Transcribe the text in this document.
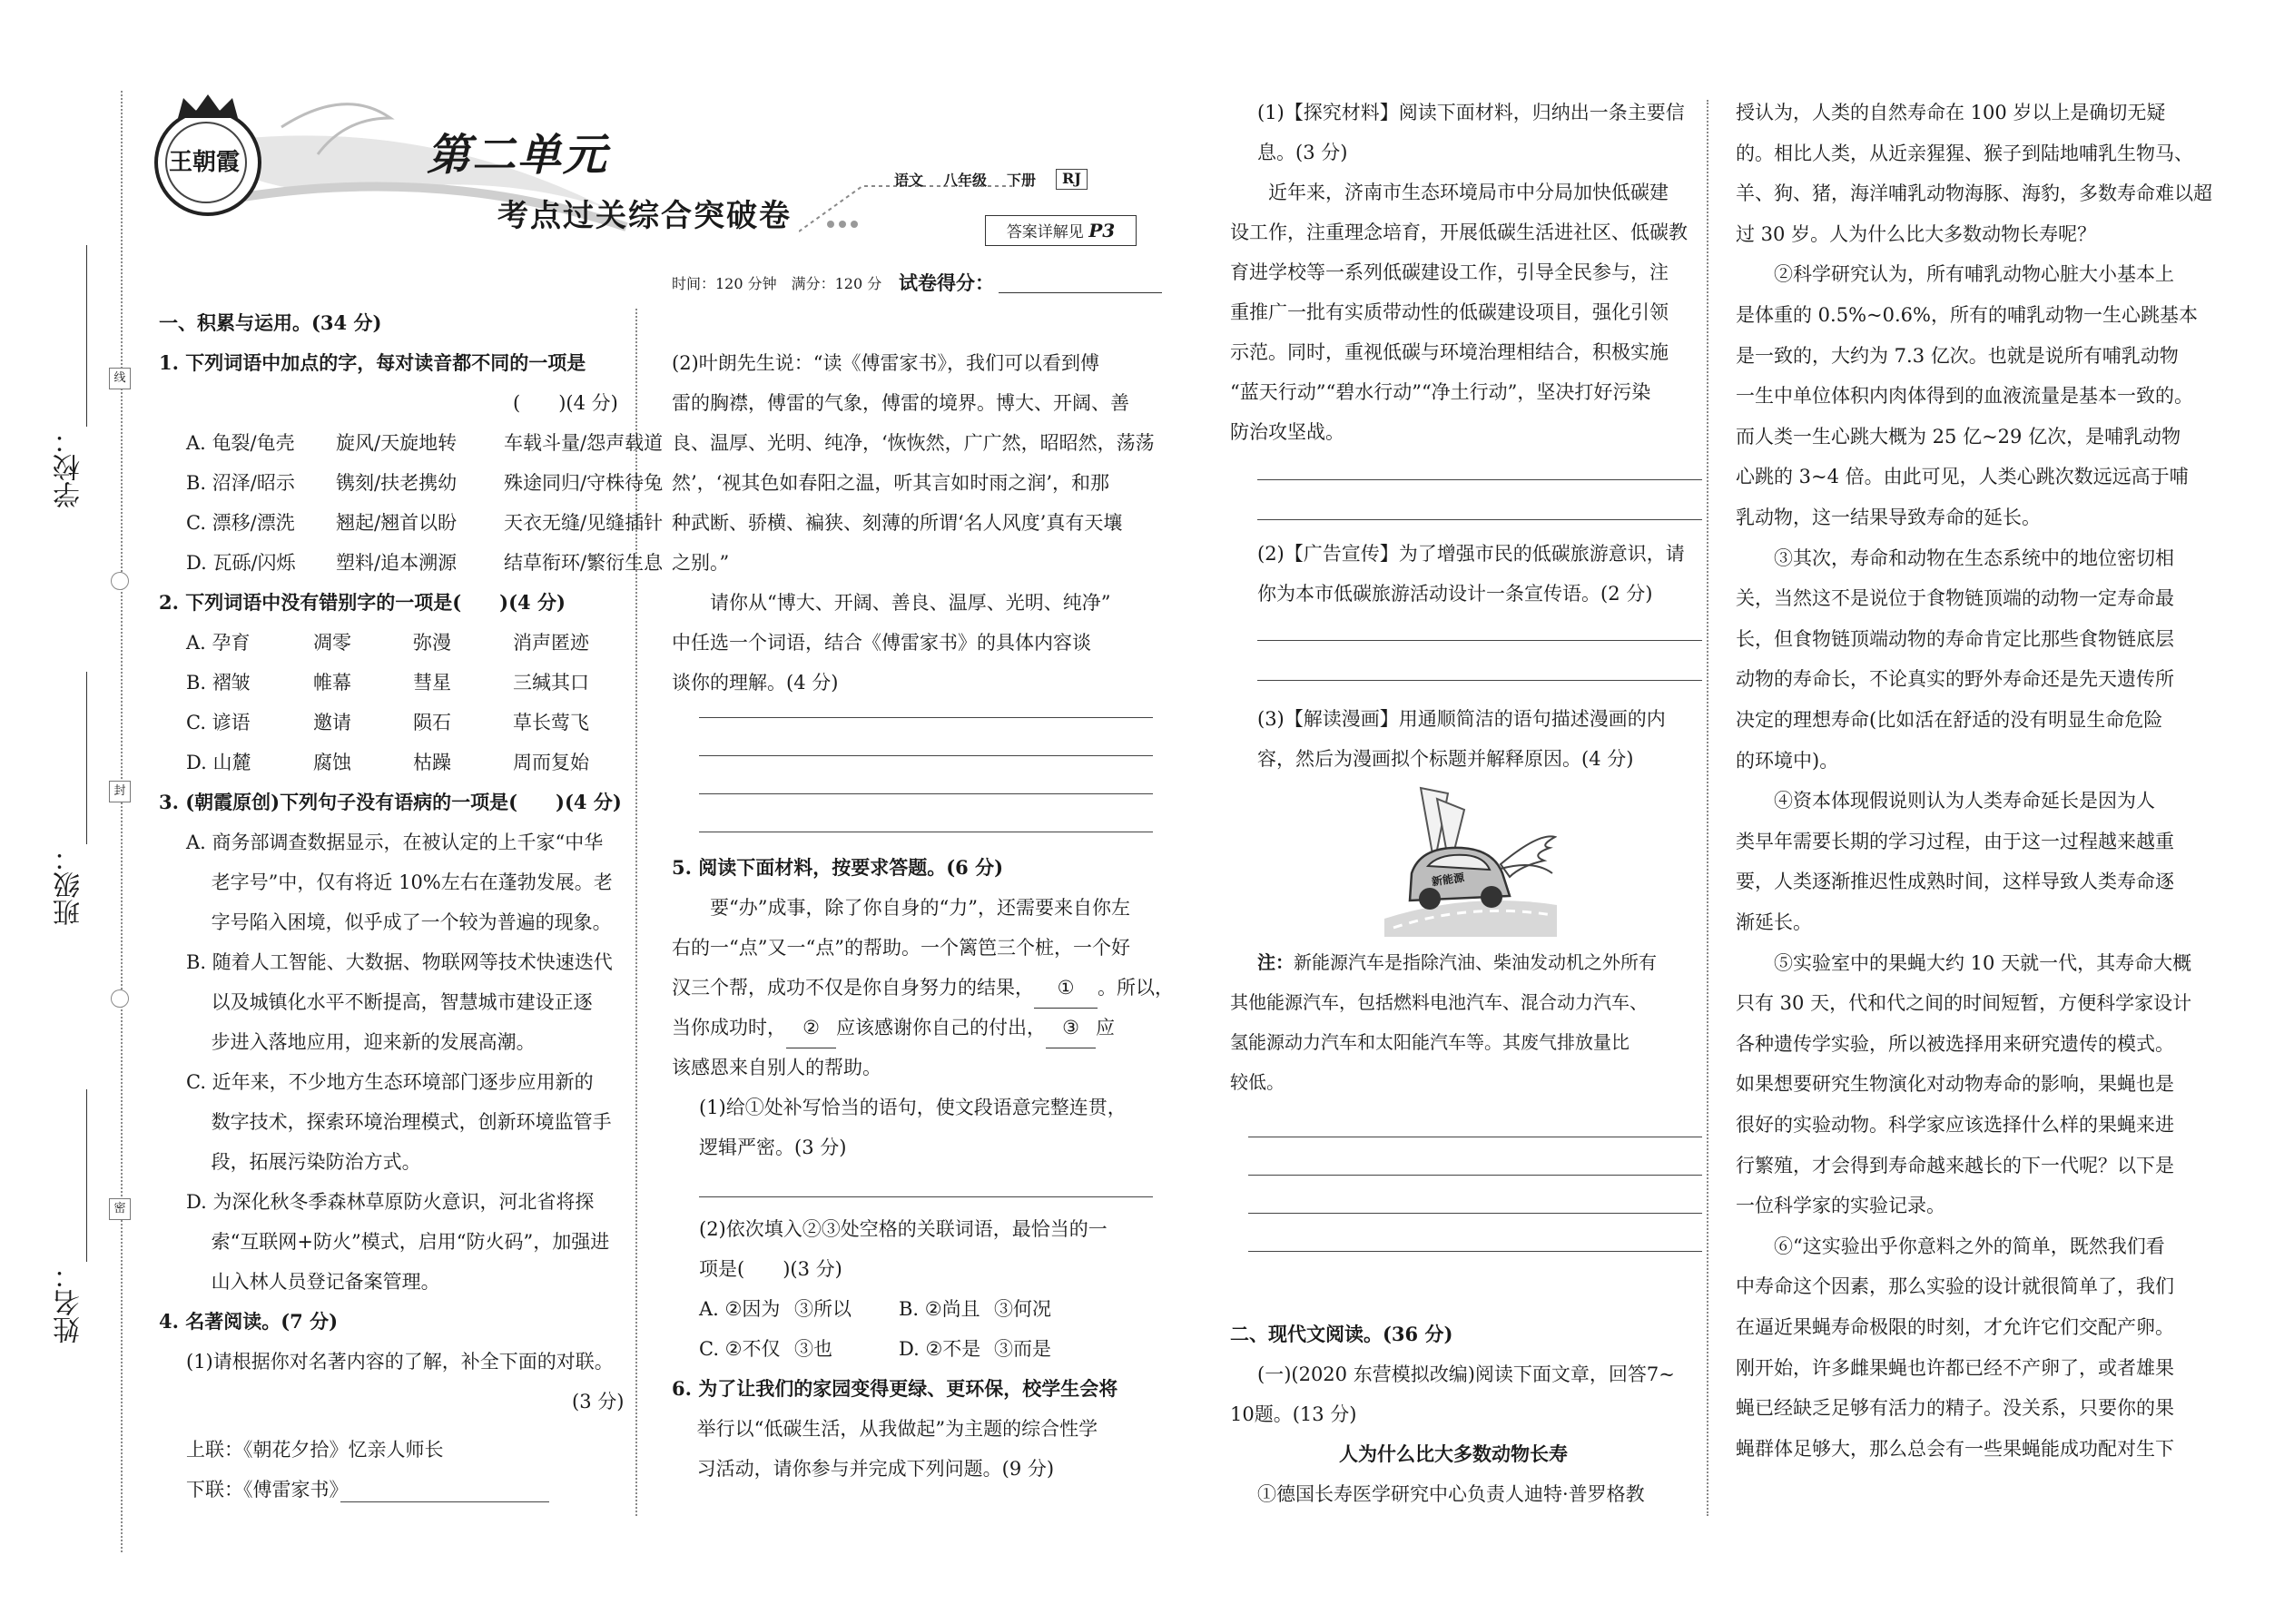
学校：
班级：
姓名：
线
封
密
王朝霞	第二单元
考点过关综合突破卷
语文 八年级 下册	RJ
答案详解见 P3
时间：120 分钟　满分：120 分 试卷得分：
一、积累与运用。(34 分)
1. 下列词语中加点的字，每对读音都不同的一项是
(　　)(4 分)
A. 龟裂/龟壳 旋风/天旋地转 车载斗量/怨声载道
B. 沼泽/昭示 镌刻/扶老携幼 殊途同归/守株待兔
C. 漂移/漂洗 翘起/翘首以盼 天衣无缝/见缝插针
D. 瓦砾/闪烁 塑料/追本溯源 结草衔环/繁衍生息
2. 下列词语中没有错别字的一项是(　　)(4 分)
A. 孕育	凋零	弥漫	消声匿迹
B. 褶皱	帷幕	彗星	三缄其口
C. 谚语	邀请	陨石	草长莺飞
D. 山麓	腐蚀	枯躁	周而复始
3. (朝霞原创)下列句子没有语病的一项是(　　)(4 分)
A. 商务部调查数据显示，在被认定的上千家“中华
　 老字号”中，仅有将近 10%左右在蓬勃发展。老
　 字号陷入困境，似乎成了一个较为普遍的现象。
B. 随着人工智能、大数据、物联网等技术快速迭代
　 以及城镇化水平不断提高，智慧城市建设正逐
　 步进入落地应用，迎来新的发展高潮。
C. 近年来，不少地方生态环境部门逐步应用新的
　 数字技术，探索环境治理模式，创新环境监管手
　 段，拓展污染防治方式。
D. 为深化秋冬季森林草原防火意识，河北省将探
　 索“互联网+防火”模式，启用“防火码”，加强进
　 山入林人员登记备案管理。
4. 名著阅读。(7 分)
(1)请根据你对名著内容的了解，补全下面的对联。
(3 分)
上联：《朝花夕拾》忆亲人师长
下联：《傅雷家书》
(2)叶朗先生说：“读《傅雷家书》，我们可以看到傅
雷的胸襟，傅雷的气象，傅雷的境界。博大、开阔、善
良、温厚、光明、纯净，‘恢恢然，广广然，昭昭然，荡荡
然’，‘视其色如春阳之温，听其言如时雨之润’，和那
种武断、骄横、褊狭、刻薄的所谓‘名人风度’真有天壤
之别。”
　　请你从“博大、开阔、善良、温厚、光明、纯净”
中任选一个词语，结合《傅雷家书》的具体内容谈
谈你的理解。(4 分)
5. 阅读下面材料，按要求答题。(6 分)
　　要“办”成事，除了你自身的“力”，还需要来自你左
右的一“点”又一“点”的帮助。一个篱笆三个桩，一个好
汉三个帮，成功不仅是你自身努力的结果， ① 。所以，
当你成功时， ② 应该感谢你自己的付出， ③ 应
该感恩来自别人的帮助。
(1)给①处补写恰当的语句，使文段语意完整连贯，
逻辑严密。(3 分)
(2)依次填入②③处空格的关联词语，最恰当的一
项是(　　)(3 分)
A. ②因为 ③所以 B. ②尚且 ③何况
C. ②不仅 ③也	D. ②不是 ③而是
6. 为了让我们的家园变得更绿、更环保，校学生会将
　 举行以“低碳生活，从我做起”为主题的综合性学
　 习活动，请你参与并完成下列问题。(9 分)
(1)【探究材料】阅读下面材料，归纳出一条主要信
息。(3 分)
　　近年来，济南市生态环境局市中分局加快低碳建
设工作，注重理念培育，开展低碳生活进社区、低碳教
育进学校等一系列低碳建设工作，引导全民参与，注
重推广一批有实质带动性的低碳建设项目，强化引领
示范。同时，重视低碳与环境治理相结合，积极实施
“蓝天行动”“碧水行动”“净土行动”，坚决打好污染
防治攻坚战。
(2)【广告宣传】为了增强市民的低碳旅游意识，请
你为本市低碳旅游活动设计一条宣传语。(2 分)
(3)【解读漫画】用通顺简洁的语句描述漫画的内
容，然后为漫画拟个标题并解释原因。(4 分)
新能源
注：新能源汽车是指除汽油、柴油发动机之外所有
其他能源汽车，包括燃料电池汽车、混合动力汽车、
氢能源动力汽车和太阳能汽车等。其废气排放量比
较低。
二、现代文阅读。(36 分)
(一)(2020 东营模拟改编)阅读下面文章，回答7~
10题。(13 分)
人为什么比大多数动物长寿
①德国长寿医学研究中心负责人迪特·普罗格教
授认为，人类的自然寿命在 100 岁以上是确切无疑
的。相比人类，从近亲猩猩、猴子到陆地哺乳生物马、
羊、狗、猪，海洋哺乳动物海豚、海豹，多数寿命难以超
过 30 岁。人为什么比大多数动物长寿呢？
　　②科学研究认为，所有哺乳动物心脏大小基本上
是体重的 0.5%~0.6%，所有的哺乳动物一生心跳基本
是一致的，大约为 7.3 亿次。也就是说所有哺乳动物
一生中单位体积内肉体得到的血液流量是基本一致的。
而人类一生心跳大概为 25 亿~29 亿次，是哺乳动物
心跳的 3~4 倍。由此可见，人类心跳次数远远高于哺
乳动物，这一结果导致寿命的延长。
　　③其次，寿命和动物在生态系统中的地位密切相
关，当然这不是说位于食物链顶端的动物一定寿命最
长，但食物链顶端动物的寿命肯定比那些食物链底层
动物的寿命长，不论真实的野外寿命还是先天遗传所
决定的理想寿命(比如活在舒适的没有明显生命危险
的环境中)。
　　④资本体现假说则认为人类寿命延长是因为人
类早年需要长期的学习过程，由于这一过程越来越重
要，人类逐渐推迟性成熟时间，这样导致人类寿命逐
渐延长。
　　⑤实验室中的果蝇大约 10 天就一代，其寿命大概
只有 30 天，代和代之间的时间短暂，方便科学家设计
各种遗传学实验，所以被选择用来研究遗传的模式。
如果想要研究生物演化对动物寿命的影响，果蝇也是
很好的实验动物。科学家应该选择什么样的果蝇来进
行繁殖，才会得到寿命越来越长的下一代呢？以下是
一位科学家的实验记录。
　　⑥“这实验出乎你意料之外的简单，既然我们看
中寿命这个因素，那么实验的设计就很简单了，我们
在逼近果蝇寿命极限的时刻，才允许它们交配产卵。
刚开始，许多雌果蝇也许都已经不产卵了，或者雄果
蝇已经缺乏足够有活力的精子。没关系，只要你的果
蝇群体足够大，那么总会有一些果蝇能成功配对生下
